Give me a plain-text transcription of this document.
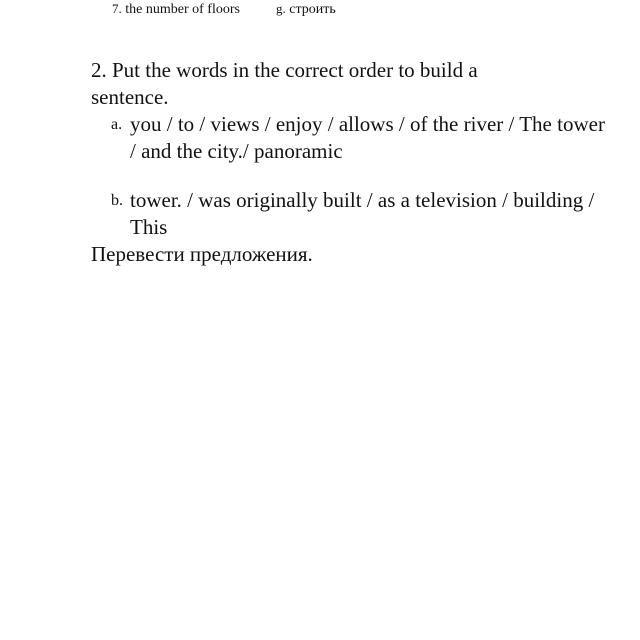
7. the number of floors	g. строить
2. Put the words in the correct order to build a sentence.
a. you / to / views / enjoy / allows / of the river / The tower / and the city./ panoramic
b. tower. / was originally built / as a television / building / This
Перевести предложения.
